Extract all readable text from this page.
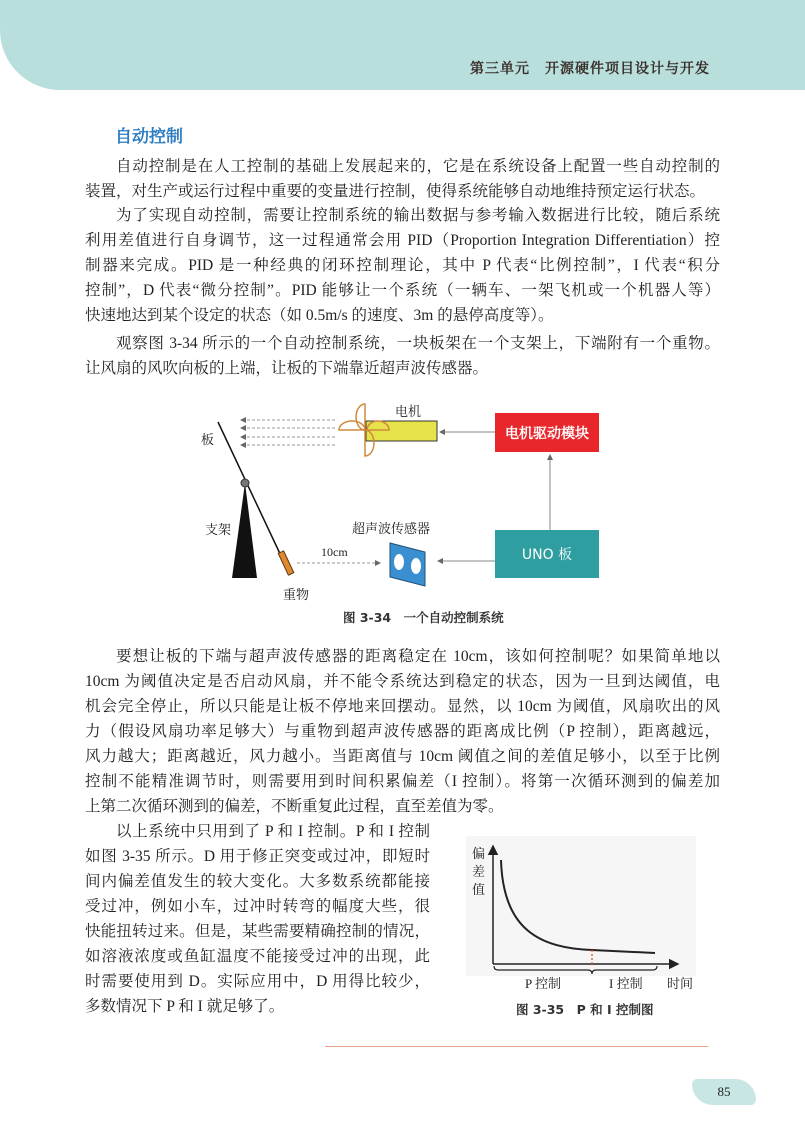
第三单元　开源硬件项目设计与开发
自动控制
自动控制是在人工控制的基础上发展起来的，它是在系统设备上配置一些自动控制的
装置，对生产或运行过程中重要的变量进行控制，使得系统能够自动地维持预定运行状态。
为了实现自动控制，需要让控制系统的输出数据与参考输入数据进行比较，随后系统
利用差值进行自身调节，这一过程通常会用 PID（Proportion Integration Differentiation）控
制器来完成。PID 是一种经典的闭环控制理论，其中 P 代表“比例控制”，I 代表“积分
控制”，D 代表“微分控制”。PID 能够让一个系统（一辆车、一架飞机或一个机器人等）
快速地达到某个设定的状态（如 0.5m/s 的速度、3m 的悬停高度等）。
观察图 3-34 所示的一个自动控制系统，一块板架在一个支架上，下端附有一个重物。
让风扇的风吹向板的上端，让板的下端靠近超声波传感器。
板
支架
重物
电机
超声波传感器
10cm
电机驱动模块
UNO 板
图 3-34　一个自动控制系统
要想让板的下端与超声波传感器的距离稳定在 10cm，该如何控制呢？如果简单地以
10cm 为阈值决定是否启动风扇，并不能令系统达到稳定的状态，因为一旦到达阈值，电
机会完全停止，所以只能是让板不停地来回摆动。显然，以 10cm 为阈值，风扇吹出的风
力（假设风扇功率足够大）与重物到超声波传感器的距离成比例（P 控制），距离越远，
风力越大；距离越近，风力越小。当距离值与 10cm 阈值之间的差值足够小，以至于比例
控制不能精准调节时，则需要用到时间积累偏差（I 控制）。将第一次循环测到的偏差加
上第二次循环测到的偏差，不断重复此过程，直至差值为零。
以上系统中只用到了 P 和 I 控制。P 和 I 控制
如图 3-35 所示。D 用于修正突变或过冲，即短时
间内偏差值发生的较大变化。大多数系统都能接
受过冲，例如小车，过冲时转弯的幅度大些，很
快能扭转过来。但是，某些需要精确控制的情况，
如溶液浓度或鱼缸温度不能接受过冲的出现，此
时需要使用到 D。实际应用中，D 用得比较少，
多数情况下 P 和 I 就足够了。
偏
差
值
P 控制	I 控制 时间
图 3-35　P 和 I 控制图
85
